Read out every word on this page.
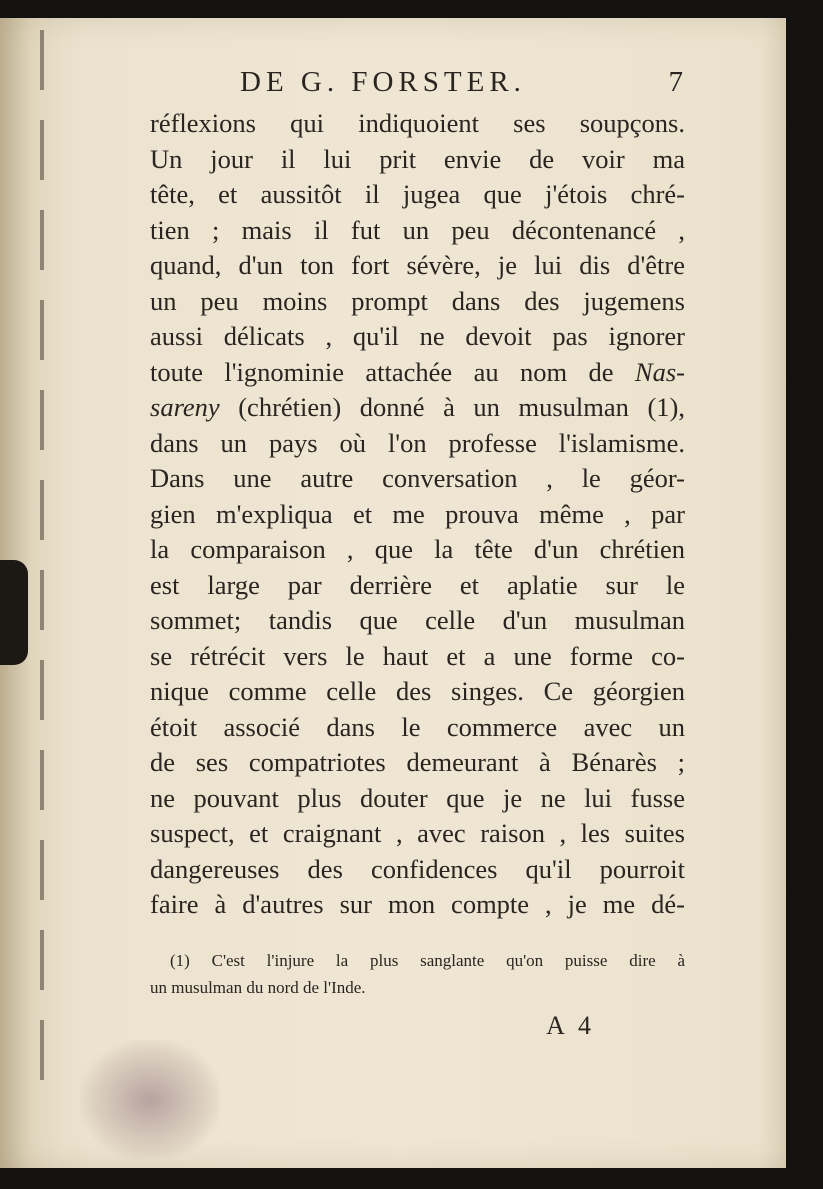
DE G. FORSTER.	7
réflexions qui indiquoient ses soupçons.
Un jour il lui prit envie de voir ma
tête, et aussitôt il jugea que j'étois chré-
tien ; mais il fut un peu décontenancé ,
quand, d'un ton fort sévère, je lui dis d'être
un peu moins prompt dans des jugemens
aussi délicats , qu'il ne devoit pas ignorer
toute l'ignominie attachée au nom de Nas-
sareny (chrétien) donné à un musulman (1),
dans un pays où l'on professe l'islamisme.
Dans une autre conversation , le géor-
gien m'expliqua et me prouva même , par
la comparaison , que la tête d'un chrétien
est large par derrière et aplatie sur le
sommet; tandis que celle d'un musulman
se rétrécit vers le haut et a une forme co-
nique comme celle des singes. Ce géorgien
étoit associé dans le commerce avec un
de ses compatriotes demeurant à Bénarès ;
ne pouvant plus douter que je ne lui fusse
suspect, et craignant , avec raison , les suites
dangereuses des confidences qu'il pourroit
faire à d'autres sur mon compte , je me dé-
(1) C'est l'injure la plus sanglante qu'on puisse dire à
un musulman du nord de l'Inde.
A 4
